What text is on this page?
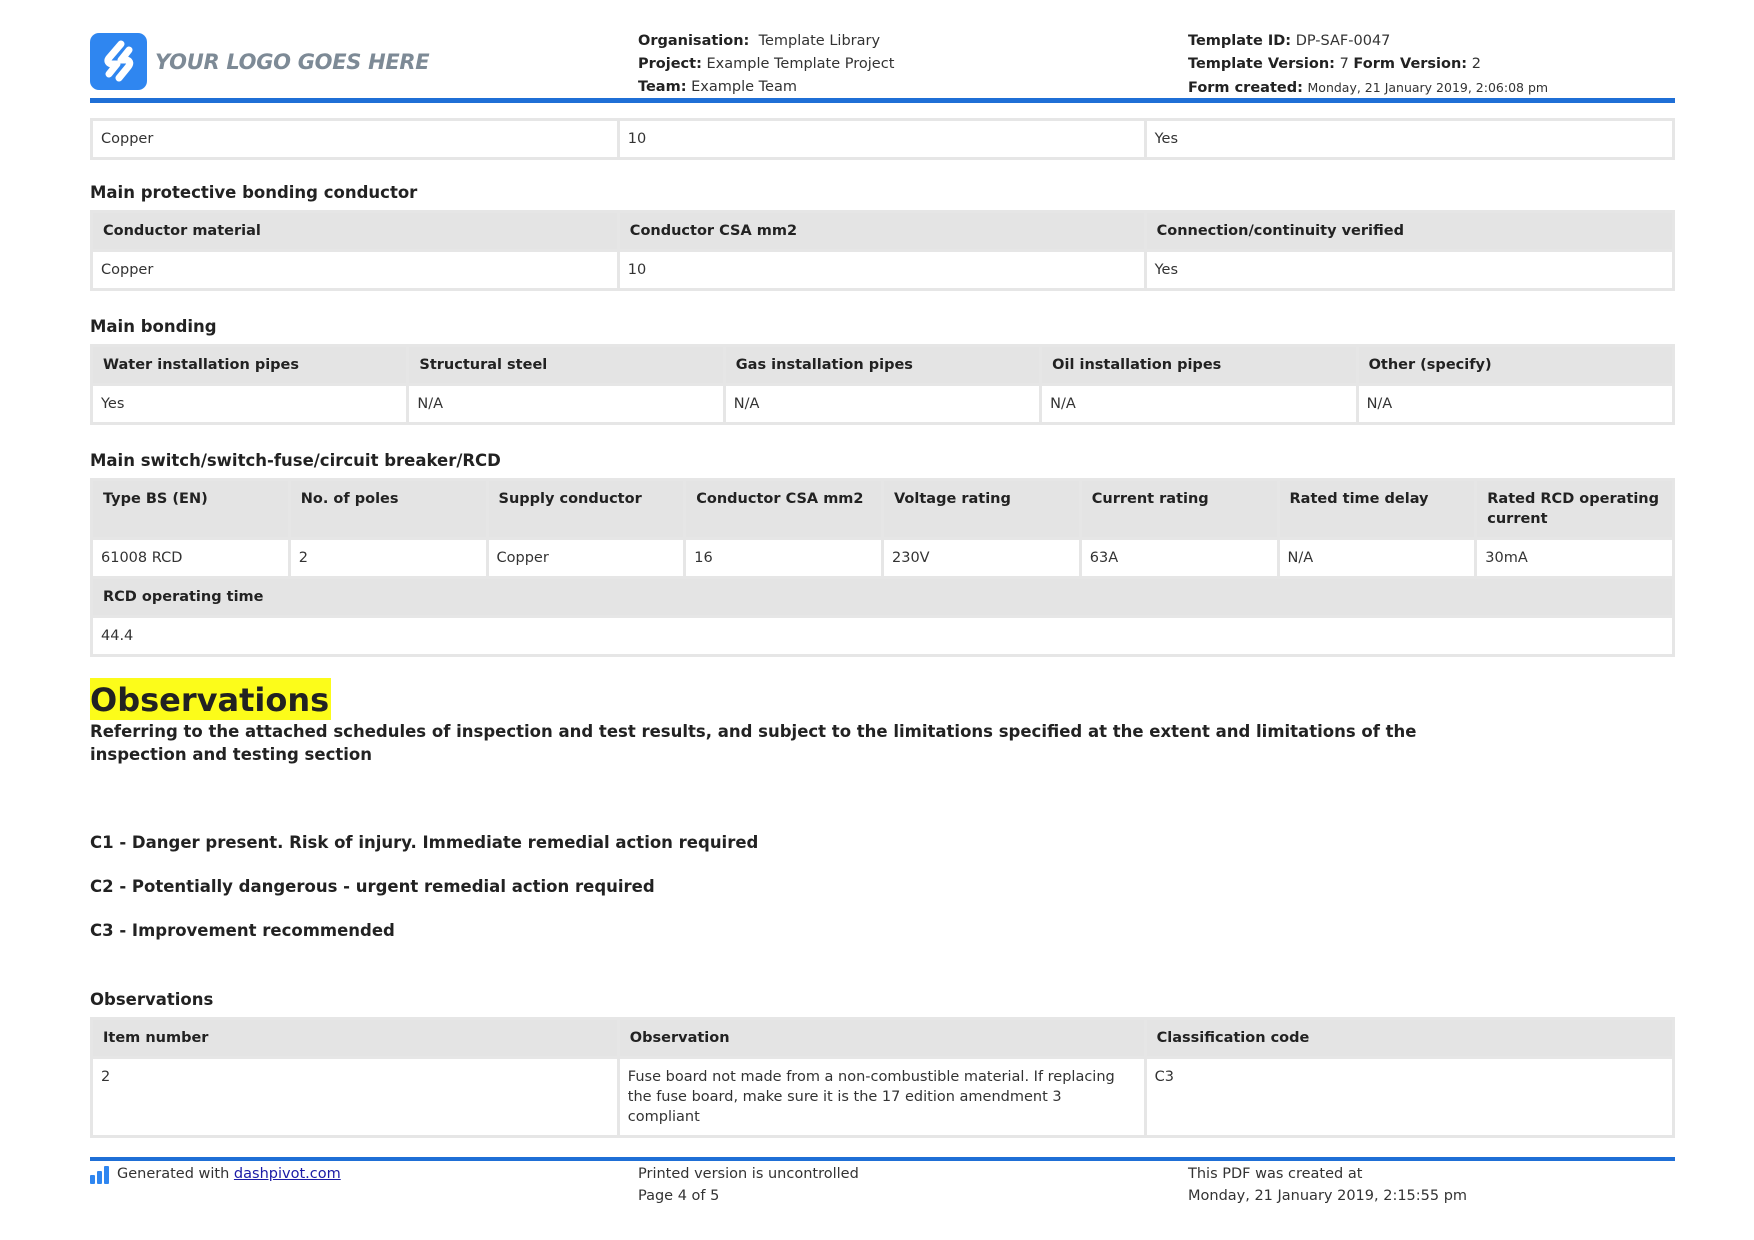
YOUR LOGO GOES HERE
Organisation: Template Library
Project: Example Template Project
Team: Example Team
Template ID: DP-SAF-0047
Template Version: 7 Form Version: 2
Form created: Monday, 21 January 2019, 2:06:08 pm
Copper	10	Yes
Main protective bonding conductor
Conductor material	Conductor CSA mm2	Connection/continuity verified
Copper	10	Yes
Main bonding
Water installation pipes	Structural steel	Gas installation pipes	Oil installation pipes	Other (specify)
Yes	N/A	N/A	N/A	N/A
Main switch/switch-fuse/circuit breaker/RCD
Type BS (EN)	No. of poles	Supply conductor	Conductor CSA mm2	Voltage rating	Current rating	Rated time delay	Rated RCD operating current
61008 RCD	2	Copper	16	230V	63A	N/A	30mA
RCD operating time							
44.4							
Observations
Referring to the attached schedules of inspection and test results, and subject to the limitations specified at the extent and limitations of the inspection and testing section
C1 - Danger present. Risk of injury. Immediate remedial action required
C2 - Potentially dangerous - urgent remedial action required
C3 - Improvement recommended
Observations
Item number	Observation	Classification code
2	Fuse board not made from a non-combustible material. If replacing the fuse board, make sure it is the 17 edition amendment 3 compliant	C3
Generated with
dashpivot.com	Printed version is uncontrolled
Page 4 of 5
This PDF was created at
Monday, 21 January 2019, 2:15:55 pm
